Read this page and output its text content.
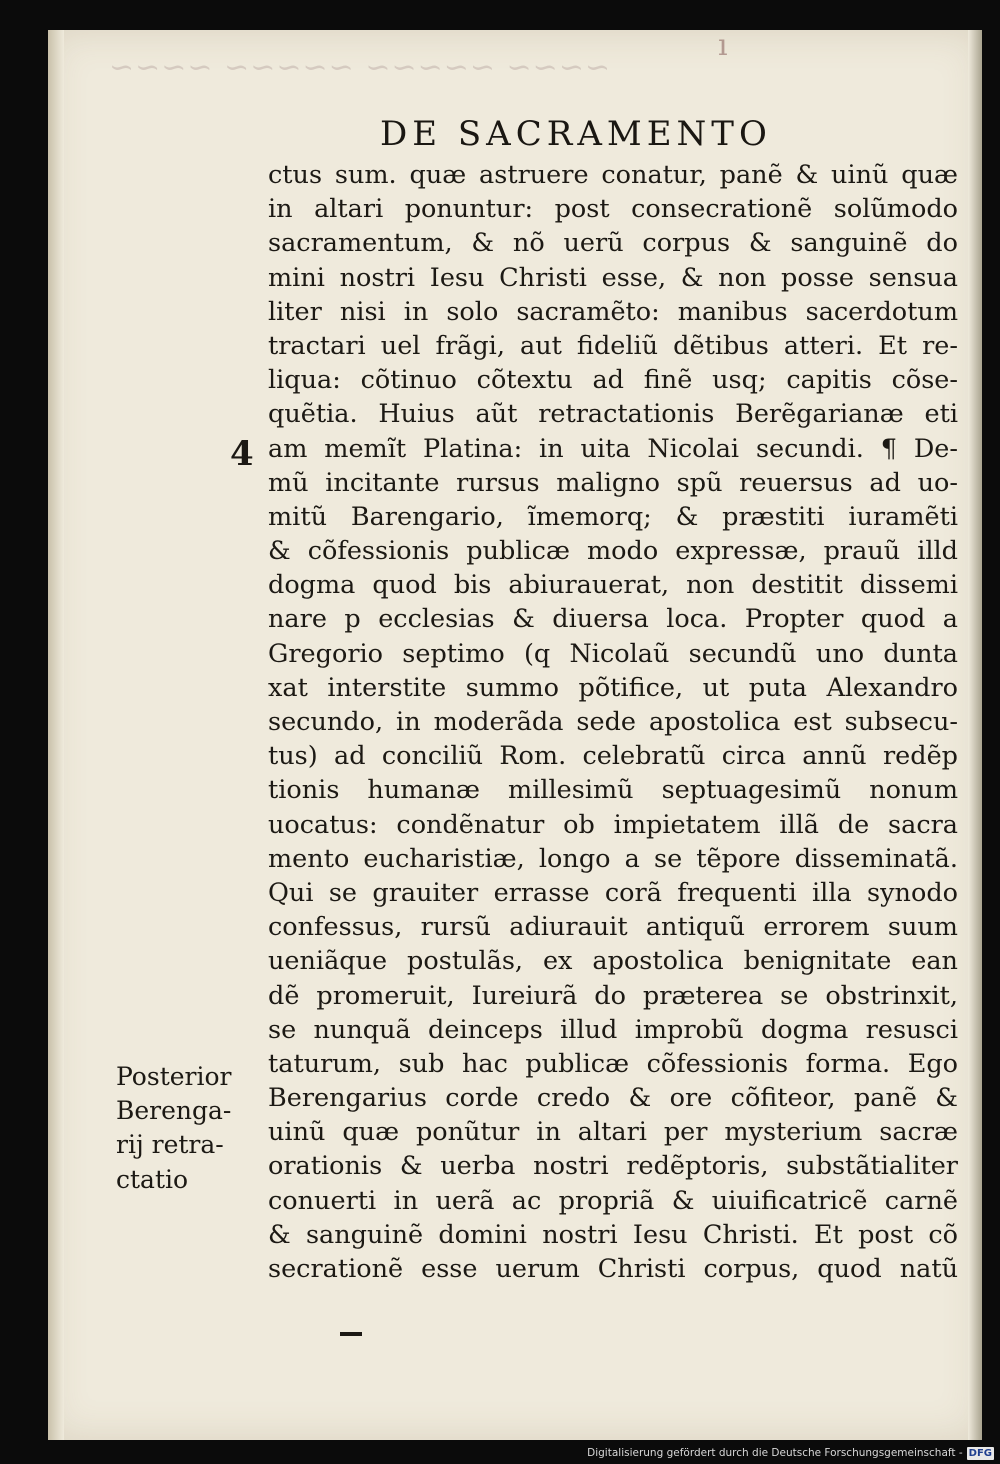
~~~~ ~~~~~ ~~~~~ ~~~~
ı
DE SACRAMENTO
ctus sum. quæ astruere conatur, panẽ & uinũ quæ
in altari ponuntur: post consecrationẽ solũmodo
sacramentum, & nõ uerũ corpus & sanguinẽ do
mini nostri Iesu Christi esse, & non posse sensua
liter nisi in solo sacramẽto: manibus sacerdotum
tractari uel frãgi, aut fideliũ dẽtibus atteri. Et re-
liqua: cõtinuo cõtextu ad finẽ usq; capitis cõse-
quẽtia. Huius aũt retractationis Berẽgarianæ eti
am memĩt Platina: in uita Nicolai secundi. ¶ De-
mũ incitante rursus maligno spũ reuersus ad uo-
mitũ Barengario, ĩmemorq; & præstiti iuramẽti
& cõfessionis publicæ modo expressæ, prauũ illd
dogma quod bis abiurauerat, non destitit dissemi
nare p ecclesias & diuersa loca. Propter quod a
Gregorio septimo (q Nicolaũ secundũ uno dunta
xat interstite summo põtifice, ut puta Alexandro
secundo, in moderãda sede apostolica est subsecu-
tus) ad conciliũ Rom. celebratũ circa annũ redẽp
tionis humanæ millesimũ septuagesimũ nonum
uocatus: condẽnatur ob impietatem illã de sacra
mento eucharistiæ, longo a se tẽpore disseminatã.
Qui se grauiter errasse corã frequenti illa synodo
confessus, rursũ adiurauit antiquũ errorem suum
ueniãque postulãs, ex apostolica benignitate ean
dẽ promeruit, Iureiurã do præterea se obstrinxit,
se nunquã deinceps illud improbũ dogma resusci
taturum, sub hac publicæ cõfessionis forma. Ego
Berengarius corde credo & ore cõfiteor, panẽ &
uinũ quæ ponũtur in altari per mysterium sacræ
orationis & uerba nostri redẽptoris, substãtialiter
conuerti in uerã ac propriã & uiuificatricẽ carnẽ
& sanguinẽ domini nostri Iesu Christi. Et post cõ
secrationẽ esse uerum Christi corpus, quod natũ
4
Posterior
Berenga-
rij retra-
ctatio
Digitalisierung gefördert durch die Deutsche Forschungsgemeinschaft - DFG
